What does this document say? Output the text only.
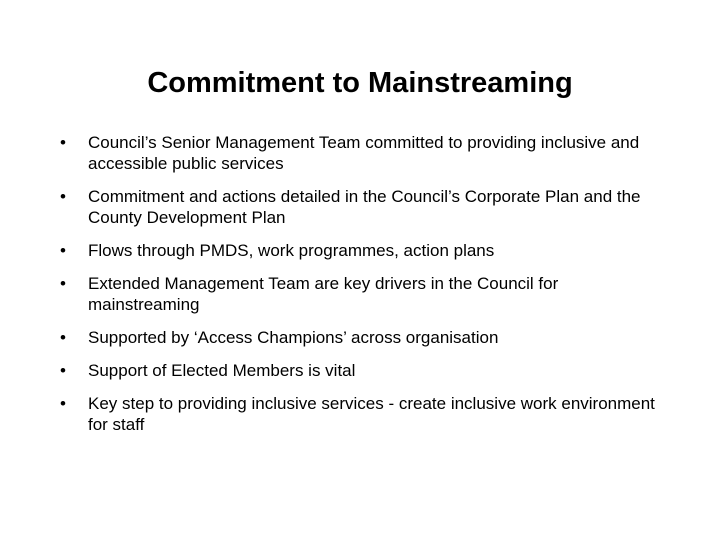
Commitment to Mainstreaming
• Council’s Senior Management Team committed to providing inclusive and accessible public services
• Commitment and actions detailed in the Council’s Corporate Plan and the County Development Plan
• Flows through PMDS, work programmes, action plans
• Extended Management Team are key drivers in the Council for mainstreaming
• Supported by ‘Access Champions’ across organisation
• Support of Elected Members is vital
• Key step to providing inclusive services - create inclusive work environment for staff
